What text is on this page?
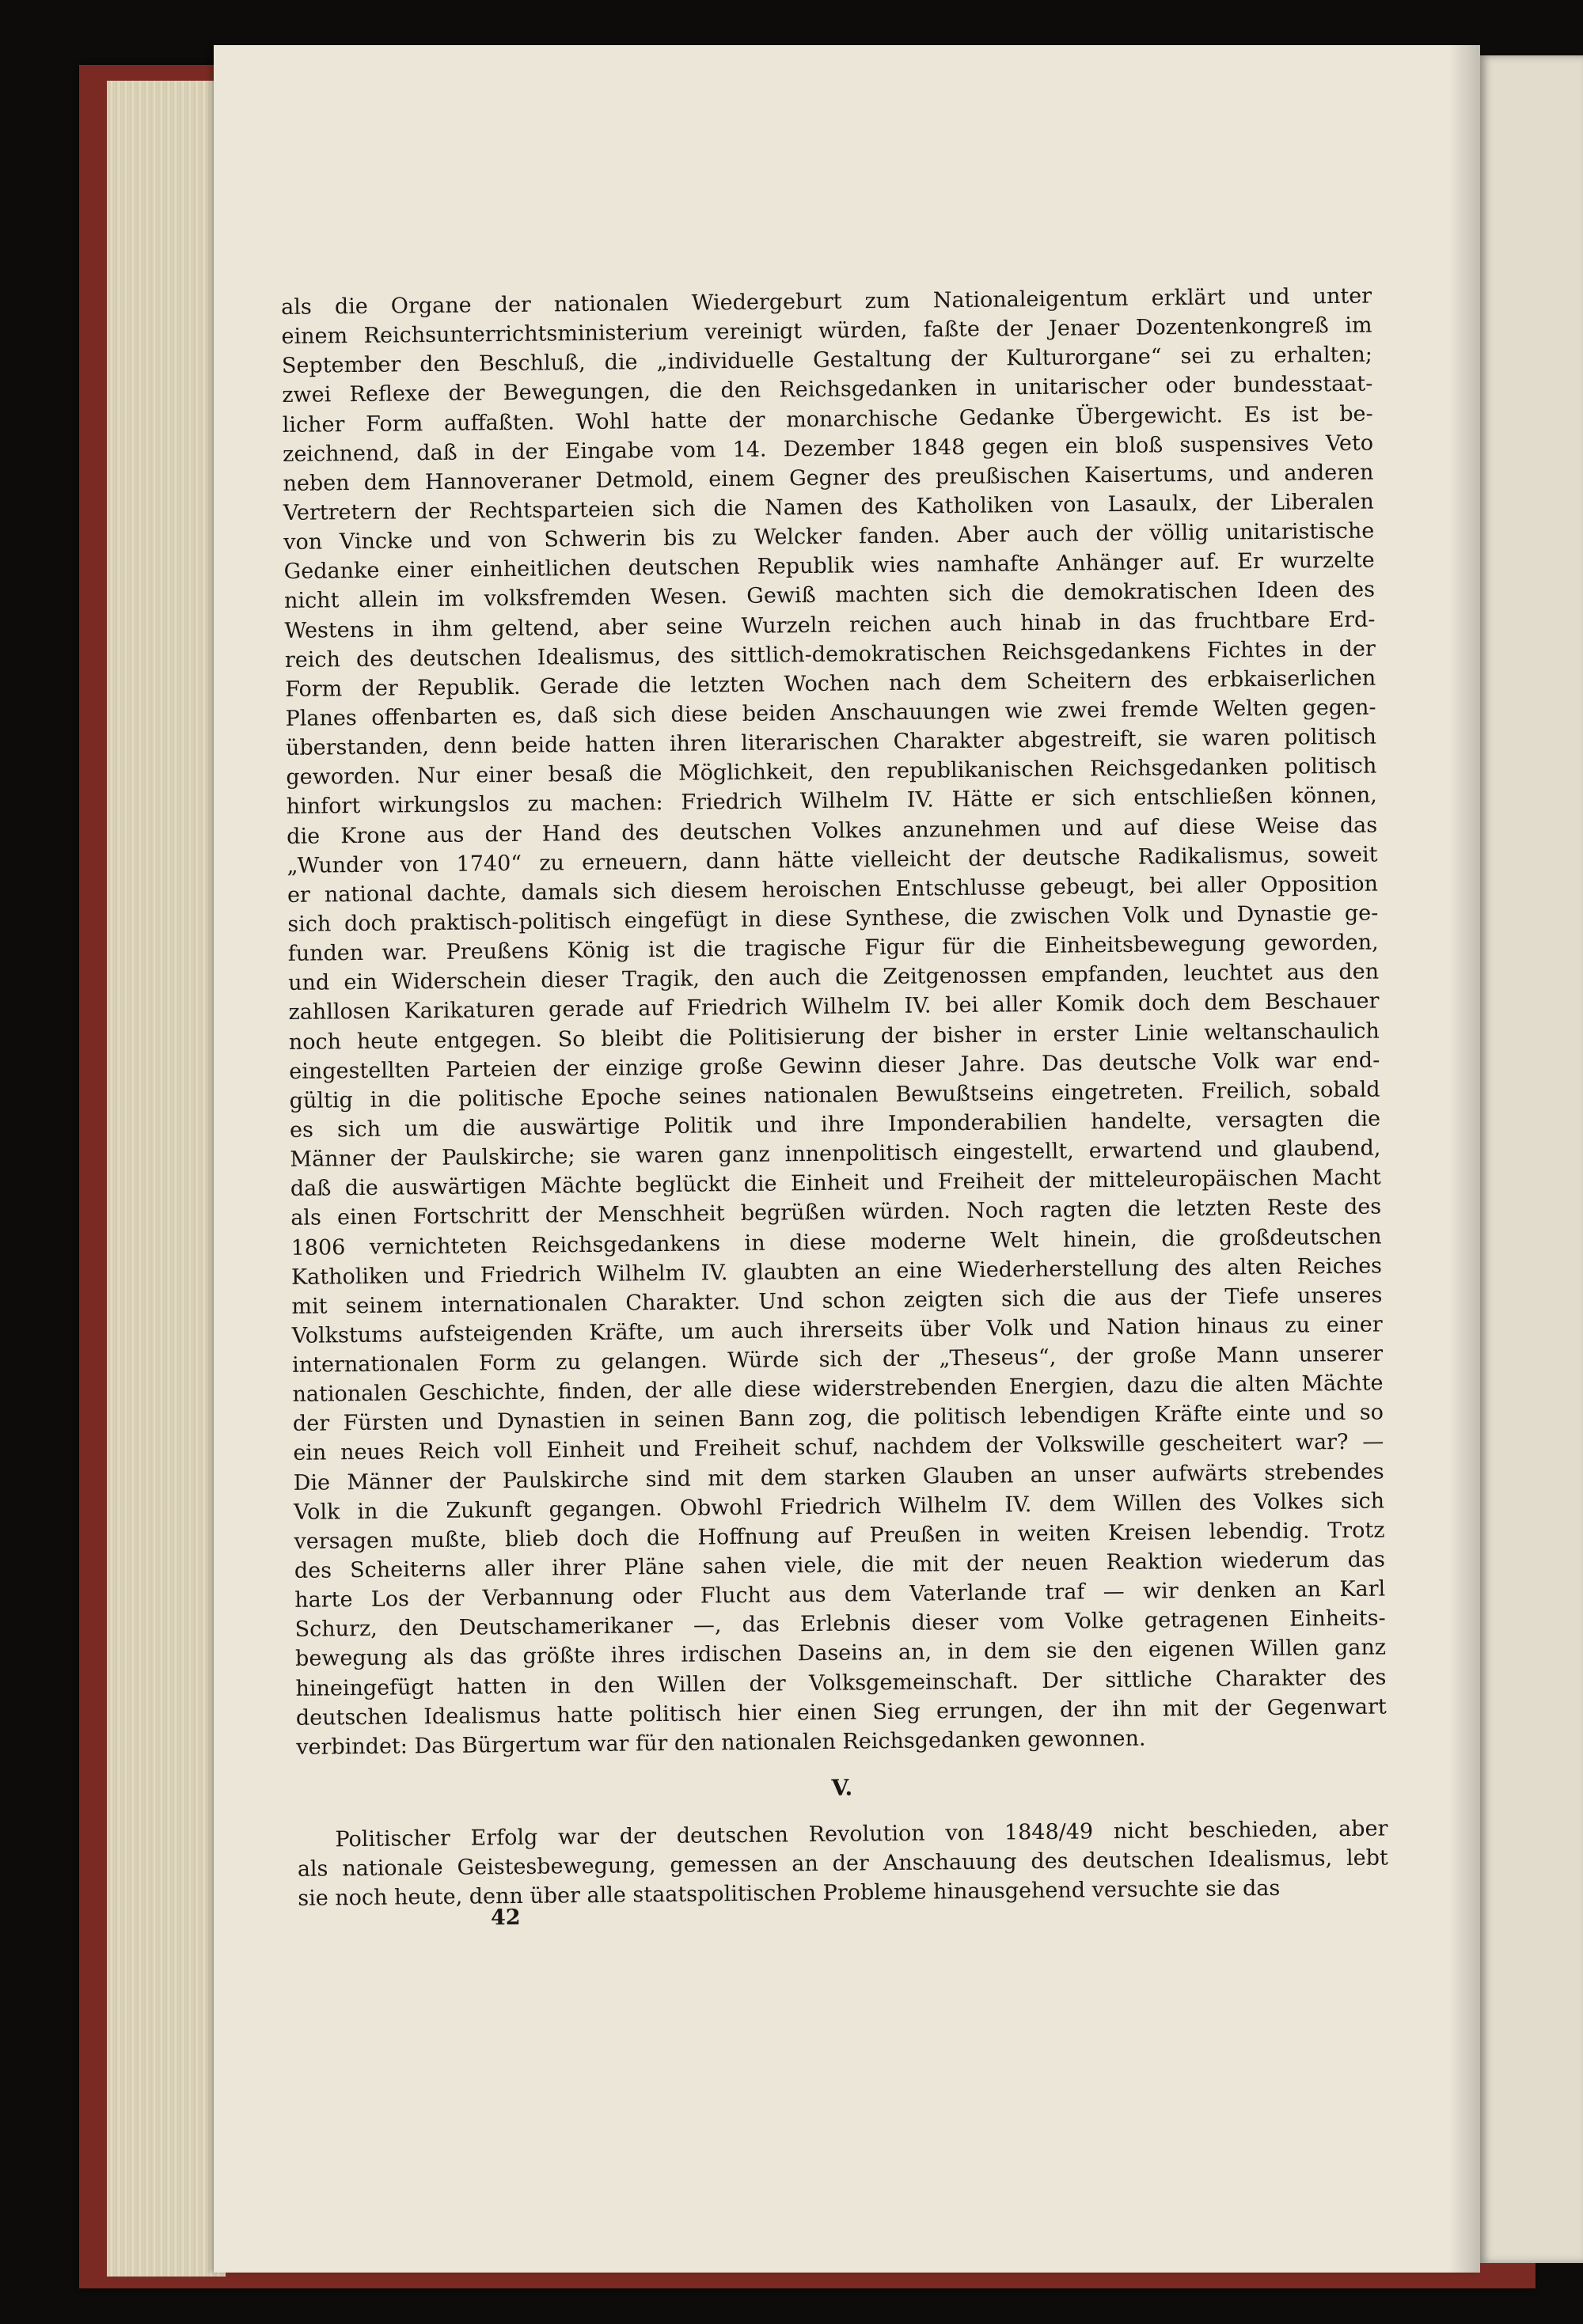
als die Organe der nationalen Wiedergeburt zum Nationaleigentum erklärt und unter
einem Reichsunterrichtsministerium vereinigt würden, faßte der Jenaer Dozentenkongreß im
September den Beschluß, die „individuelle Gestaltung der Kulturorgane“ sei zu erhalten;
zwei Reflexe der Bewegungen, die den Reichsgedanken in unitarischer oder bundesstaat-
licher Form auffaßten. Wohl hatte der monarchische Gedanke Übergewicht. Es ist be-
zeichnend, daß in der Eingabe vom 14. Dezember 1848 gegen ein bloß suspensives Veto
neben dem Hannoveraner Detmold, einem Gegner des preußischen Kaisertums, und anderen
Vertretern der Rechtsparteien sich die Namen des Katholiken von Lasaulx, der Liberalen
von Vincke und von Schwerin bis zu Welcker fanden. Aber auch der völlig unitaristische
Gedanke einer einheitlichen deutschen Republik wies namhafte Anhänger auf. Er wurzelte
nicht allein im volksfremden Wesen. Gewiß machten sich die demokratischen Ideen des
Westens in ihm geltend, aber seine Wurzeln reichen auch hinab in das fruchtbare Erd-
reich des deutschen Idealismus, des sittlich-demokratischen Reichsgedankens Fichtes in der
Form der Republik. Gerade die letzten Wochen nach dem Scheitern des erbkaiserlichen
Planes offenbarten es, daß sich diese beiden Anschauungen wie zwei fremde Welten gegen-
überstanden, denn beide hatten ihren literarischen Charakter abgestreift, sie waren politisch
geworden. Nur einer besaß die Möglichkeit, den republikanischen Reichsgedanken politisch
hinfort wirkungslos zu machen: Friedrich Wilhelm IV. Hätte er sich entschließen können,
die Krone aus der Hand des deutschen Volkes anzunehmen und auf diese Weise das
„Wunder von 1740“ zu erneuern, dann hätte vielleicht der deutsche Radikalismus, soweit
er national dachte, damals sich diesem heroischen Entschlusse gebeugt, bei aller Opposition
sich doch praktisch-politisch eingefügt in diese Synthese, die zwischen Volk und Dynastie ge-
funden war. Preußens König ist die tragische Figur für die Einheitsbewegung geworden,
und ein Widerschein dieser Tragik, den auch die Zeitgenossen empfanden, leuchtet aus den
zahllosen Karikaturen gerade auf Friedrich Wilhelm IV. bei aller Komik doch dem Beschauer
noch heute entgegen. So bleibt die Politisierung der bisher in erster Linie weltanschaulich
eingestellten Parteien der einzige große Gewinn dieser Jahre. Das deutsche Volk war end-
gültig in die politische Epoche seines nationalen Bewußtseins eingetreten. Freilich, sobald
es sich um die auswärtige Politik und ihre Imponderabilien handelte, versagten die
Männer der Paulskirche; sie waren ganz innenpolitisch eingestellt, erwartend und glaubend,
daß die auswärtigen Mächte beglückt die Einheit und Freiheit der mitteleuropäischen Macht
als einen Fortschritt der Menschheit begrüßen würden. Noch ragten die letzten Reste des
1806 vernichteten Reichsgedankens in diese moderne Welt hinein, die großdeutschen
Katholiken und Friedrich Wilhelm IV. glaubten an eine Wiederherstellung des alten Reiches
mit seinem internationalen Charakter. Und schon zeigten sich die aus der Tiefe unseres
Volkstums aufsteigenden Kräfte, um auch ihrerseits über Volk und Nation hinaus zu einer
internationalen Form zu gelangen. Würde sich der „Theseus“, der große Mann unserer
nationalen Geschichte, finden, der alle diese widerstrebenden Energien, dazu die alten Mächte
der Fürsten und Dynastien in seinen Bann zog, die politisch lebendigen Kräfte einte und so
ein neues Reich voll Einheit und Freiheit schuf, nachdem der Volkswille gescheitert war? —
Die Männer der Paulskirche sind mit dem starken Glauben an unser aufwärts strebendes
Volk in die Zukunft gegangen. Obwohl Friedrich Wilhelm IV. dem Willen des Volkes sich
versagen mußte, blieb doch die Hoffnung auf Preußen in weiten Kreisen lebendig. Trotz
des Scheiterns aller ihrer Pläne sahen viele, die mit der neuen Reaktion wiederum das
harte Los der Verbannung oder Flucht aus dem Vaterlande traf — wir denken an Karl
Schurz, den Deutschamerikaner —, das Erlebnis dieser vom Volke getragenen Einheits-
bewegung als das größte ihres irdischen Daseins an, in dem sie den eigenen Willen ganz
hineingefügt hatten in den Willen der Volksgemeinschaft. Der sittliche Charakter des
deutschen Idealismus hatte politisch hier einen Sieg errungen, der ihn mit der Gegenwart
verbindet: Das Bürgertum war für den nationalen Reichsgedanken gewonnen.
V.
Politischer Erfolg war der deutschen Revolution von 1848/49 nicht beschieden, aber
als nationale Geistesbewegung, gemessen an der Anschauung des deutschen Idealismus, lebt
sie noch heute, denn über alle staatspolitischen Probleme hinausgehend versuchte sie das
42
